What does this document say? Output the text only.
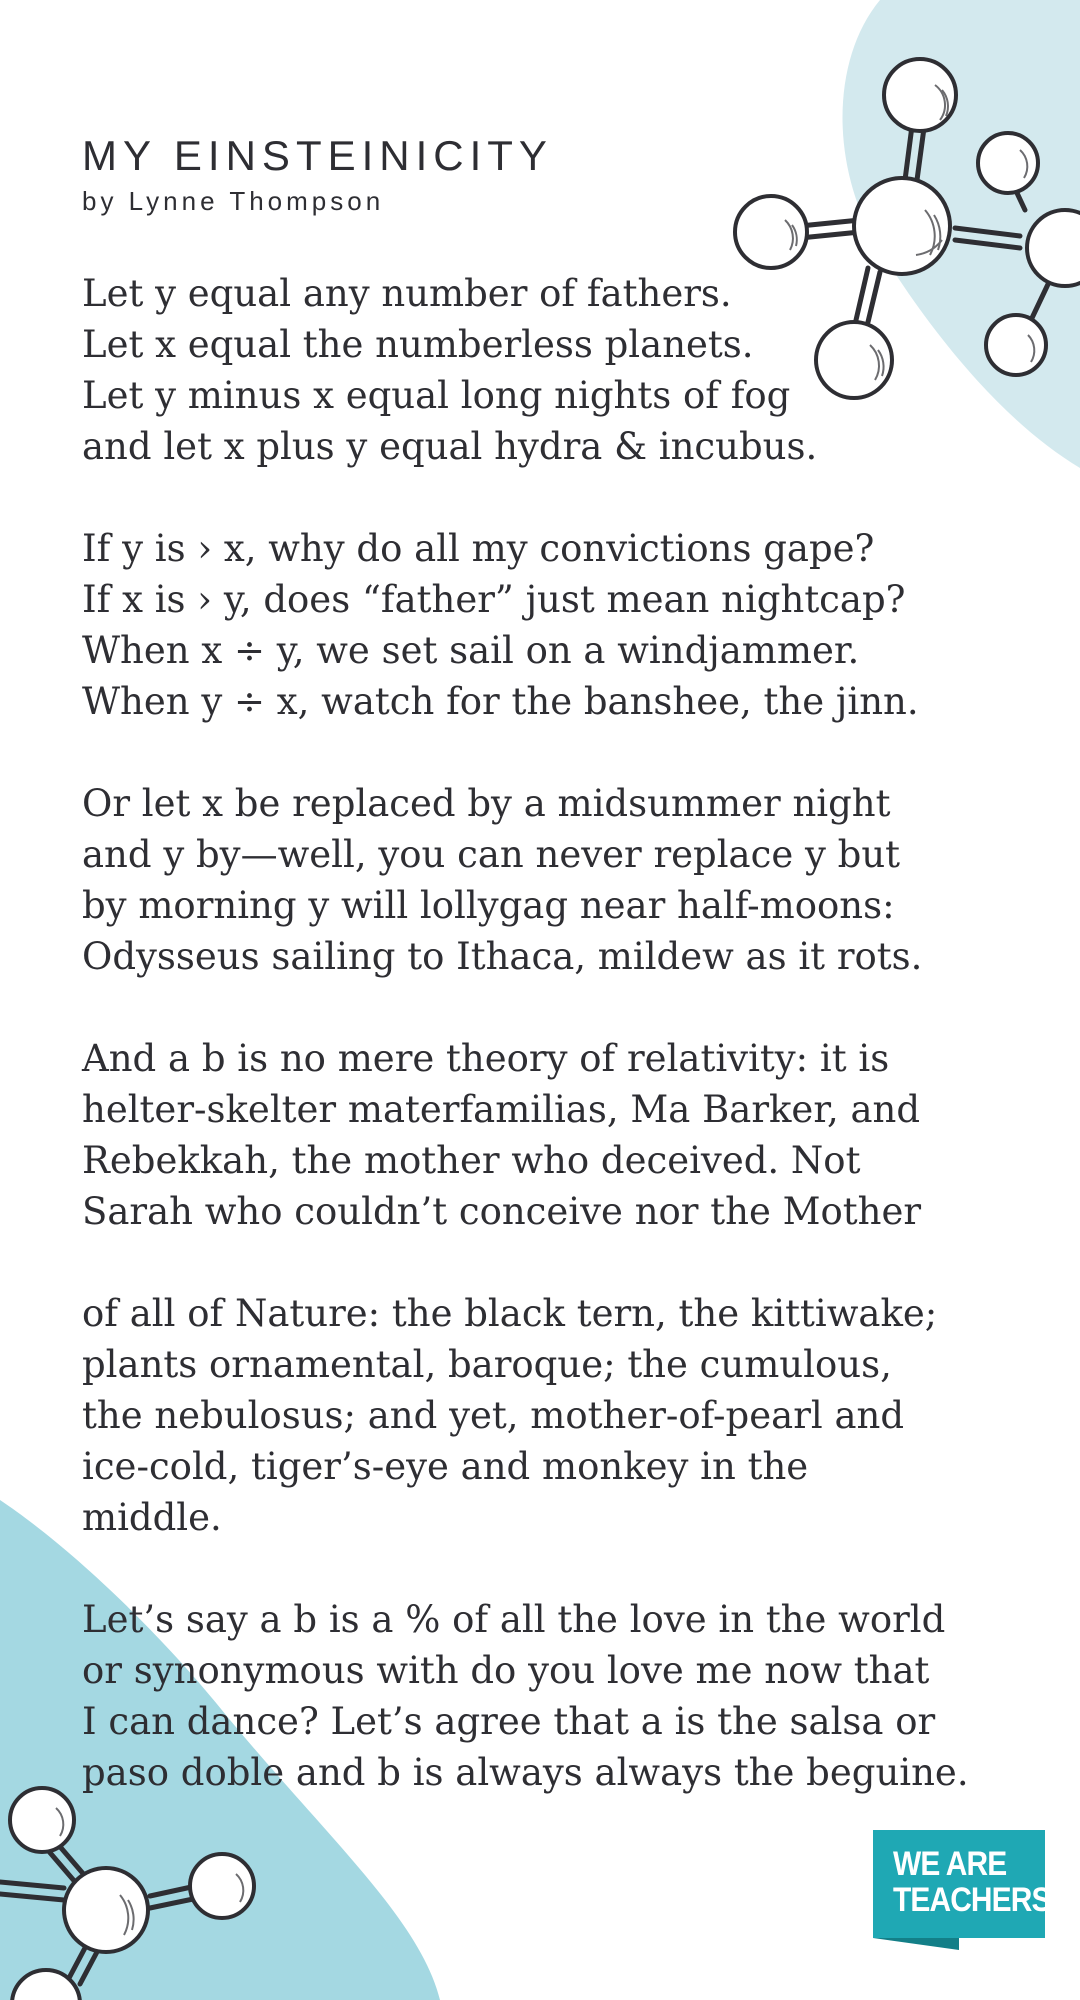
MY EINSTEINICITY

by Lynne Thompson

Let y equal any number of fathers.
Let x equal the numberless planets.
Let y minus x equal long nights of fog
and let x plus y equal hydra & incubus.

If y is › x, why do all my convictions gape?
If x is › y, does “father” just mean nightcap?
When x ÷ y, we set sail on a windjammer.
When y ÷ x, watch for the banshee, the jinn.

Or let x be replaced by a midsummer night
and y by—well, you can never replace y but
by morning y will lollygag near half-moons:
Odysseus sailing to Ithaca, mildew as it rots.

And a b is no mere theory of relativity: it is
helter-skelter materfamilias, Ma Barker, and
Rebekkah, the mother who deceived. Not
Sarah who couldn’t conceive nor the Mother

of all of Nature: the black tern, the kittiwake;
plants ornamental, baroque; the cumulous,
the nebulosus; and yet, mother-of-pearl and
ice-cold, tiger’s-eye and monkey in the
middle.

Let’s say a b is a % of all the love in the world
or synonymous with do you love me now that
I can dance? Let’s agree that a is the salsa or
paso doble and b is always always the beguine.

WE ARE
TEACHERS
